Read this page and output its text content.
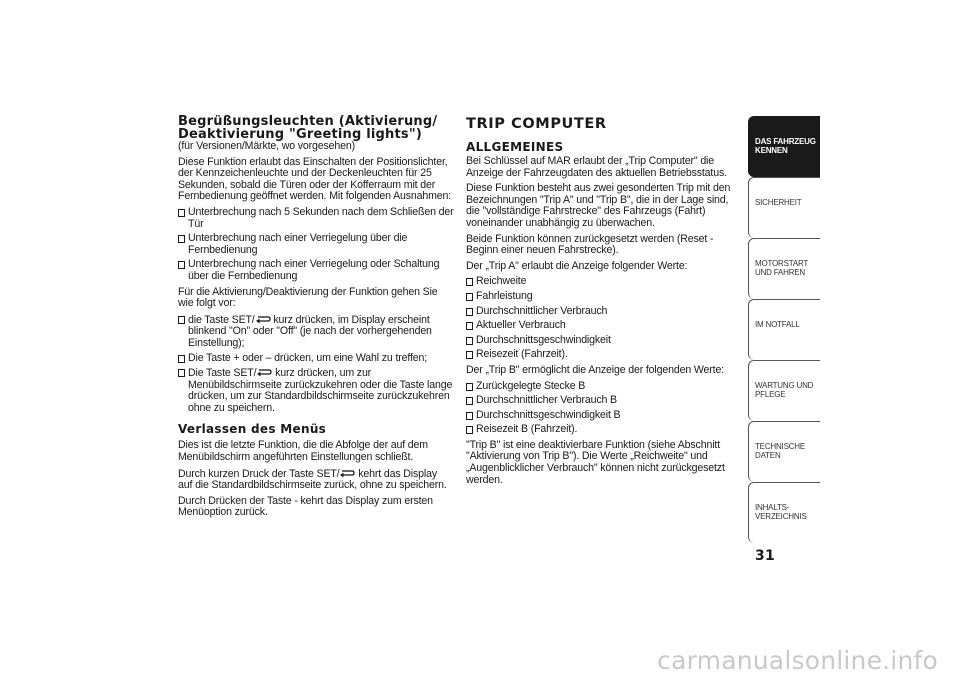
Begrüßungsleuchten (Aktivierung/ Deaktivierung "Greeting lights")

(für Versionen/Märkte, wo vorgesehen)

Diese Funktion erlaubt das Einschalten der Positionslichter, der Kennzeichenleuchte und der Deckenleuchten für 25 Sekunden, sobald die Türen oder der Kofferraum mit der Fernbedienung geöffnet werden. Mit folgenden Ausnahmen:

Unterbrechung nach 5 Sekunden nach dem Schließen der Tür
Unterbrechung nach einer Verriegelung über die Fernbedienung
Unterbrechung nach einer Verriegelung oder Schaltung über die Fernbedienung

Für die Aktivierung/Deaktivierung der Funktion gehen Sie wie folgt vor:

die Taste SET/
kurz drücken, im Display erscheint blinkend "On" oder "Off" (je nach der vorhergehenden Einstellung);
Die Taste + oder – drücken, um eine Wahl zu treffen;
Die Taste SET/
kurz drücken, um zur Menübildschirmseite zurückzukehren oder die Taste lange drücken, um zur Standardbildschirmseite zurückzukehren ohne zu speichern.
Verlassen des Menüs

Dies ist die letzte Funktion, die die Abfolge der auf dem Menübildschirm angeführten Einstellungen schließt.

Durch kurzen Druck der Taste SET/
kehrt das Display auf die Standardbildschirmseite zurück, ohne zu speichern.

Durch Drücken der Taste - kehrt das Display zum ersten Menüoption zurück.

TRIP COMPUTER
ALLGEMEINES

Bei Schlüssel auf MAR erlaubt der „Trip Computer" die Anzeige der Fahrzeugdaten des aktuellen Betriebsstatus.

Diese Funktion besteht aus zwei gesonderten Trip mit den Bezeichnungen "Trip A" und "Trip B", die in der Lage sind, die "vollständige Fahrstrecke" des Fahrzeugs (Fahrt) voneinander unabhängig zu überwachen.

Beide Funktion können zurückgesetzt werden (Reset - Beginn einer neuen Fahrstrecke).

Der „Trip A" erlaubt die Anzeige folgender Werte:

Reichweite
Fahrleistung
Durchschnittlicher Verbrauch
Aktueller Verbrauch
Durchschnittsgeschwindigkeit
Reisezeit (Fahrzeit).

Der „Trip B" ermöglicht die Anzeige der folgenden Werte:

Zurückgelegte Stecke B
Durchschnittlicher Verbrauch B
Durchschnittsgeschwindigkeit B
Reisezeit B (Fahrzeit).

"Trip B" ist eine deaktivierbare Funktion (siehe Abschnitt "Aktivierung von Trip B"). Die Werte „Reichweite" und „Augenblicklicher Verbrauch" können nicht zurückgesetzt werden.

DAS FAHRZEUG KENNEN
SICHERHEIT
MOTORSTART UND FAHREN
IM NOTFALL
WARTUNG UND PFLEGE
TECHNISCHE DATEN
INHALTS- VERZEICHNIS
31
carmanualsonline.info
